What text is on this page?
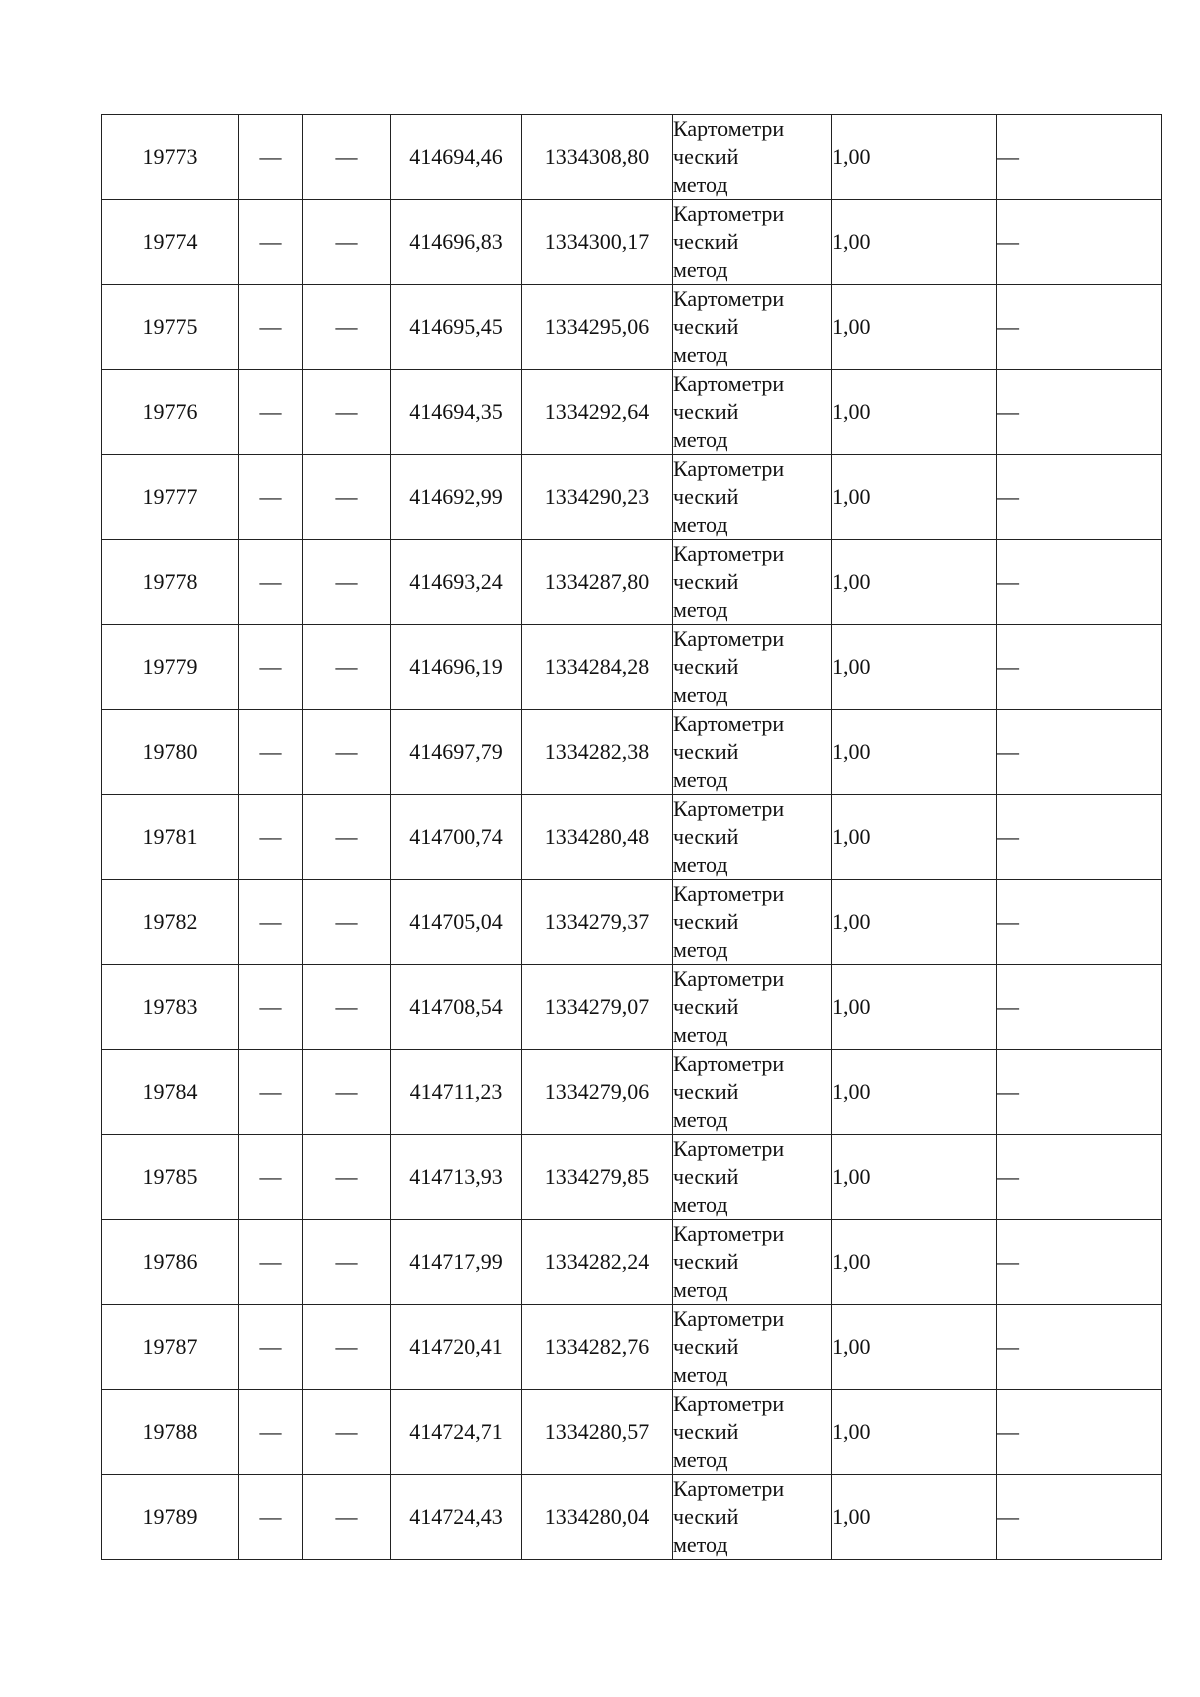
19773	—	—	414694,46	1334308,80	Картометри
ческий
метод	1,00	—
19774	—	—	414696,83	1334300,17	Картометри
ческий
метод	1,00	—
19775	—	—	414695,45	1334295,06	Картометри
ческий
метод	1,00	—
19776	—	—	414694,35	1334292,64	Картометри
ческий
метод	1,00	—
19777	—	—	414692,99	1334290,23	Картометри
ческий
метод	1,00	—
19778	—	—	414693,24	1334287,80	Картометри
ческий
метод	1,00	—
19779	—	—	414696,19	1334284,28	Картометри
ческий
метод	1,00	—
19780	—	—	414697,79	1334282,38	Картометри
ческий
метод	1,00	—
19781	—	—	414700,74	1334280,48	Картометри
ческий
метод	1,00	—
19782	—	—	414705,04	1334279,37	Картометри
ческий
метод	1,00	—
19783	—	—	414708,54	1334279,07	Картометри
ческий
метод	1,00	—
19784	—	—	414711,23	1334279,06	Картометри
ческий
метод	1,00	—
19785	—	—	414713,93	1334279,85	Картометри
ческий
метод	1,00	—
19786	—	—	414717,99	1334282,24	Картометри
ческий
метод	1,00	—
19787	—	—	414720,41	1334282,76	Картометри
ческий
метод	1,00	—
19788	—	—	414724,71	1334280,57	Картометри
ческий
метод	1,00	—
19789	—	—	414724,43	1334280,04	Картометри
ческий
метод	1,00	—
